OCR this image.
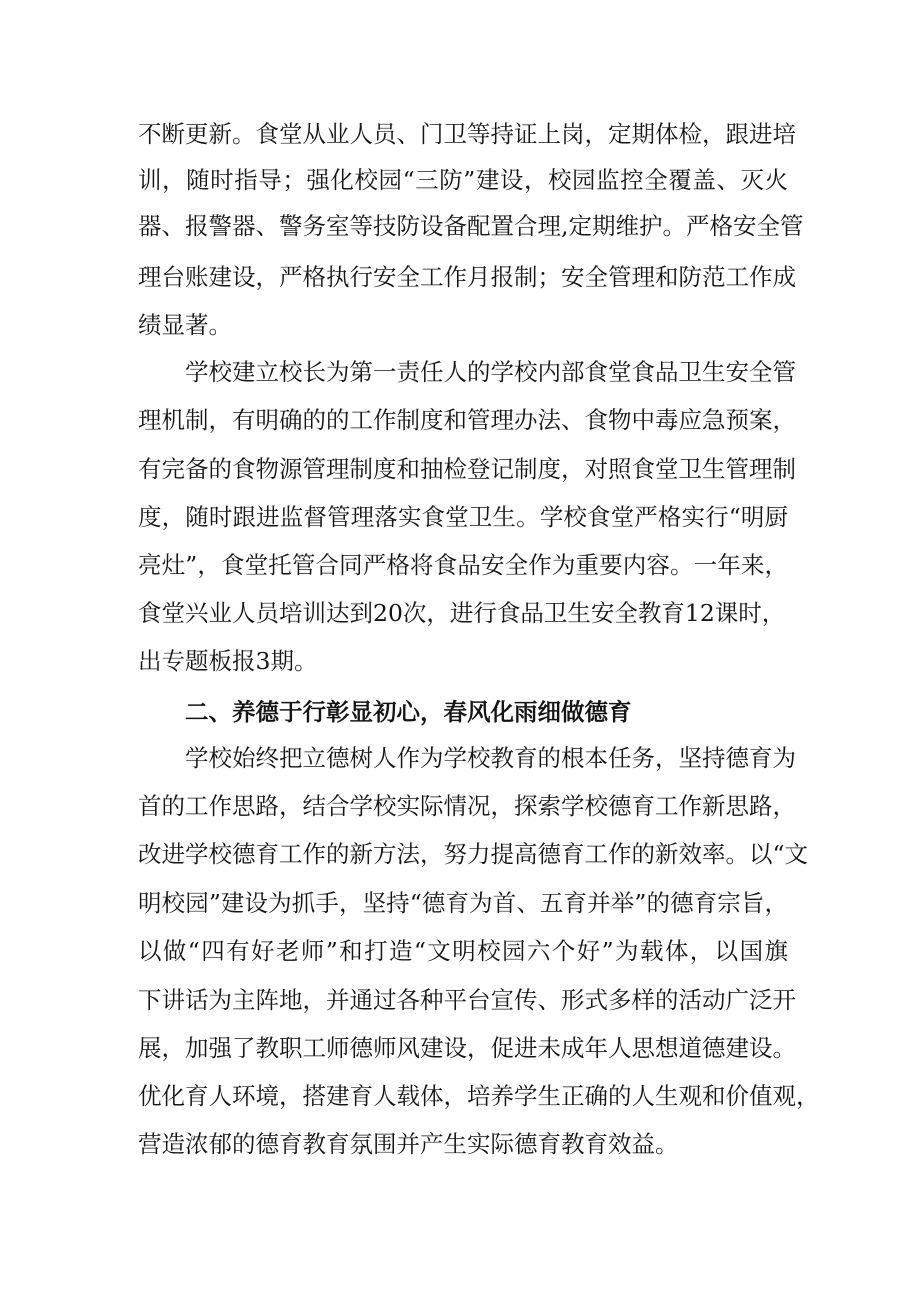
不断更新。食堂从业人员、门卫等持证上岗，定期体检，跟进培
训，随时指导；强化校园“三防”建设，校园监控全覆盖、灭火
器、报警器、警务室等技防设备配置合理,定期维护。严格安全管
理台账建设，严格执行安全工作月报制；安全管理和防范工作成
绩显著。
学校建立校长为第一责任人的学校内部食堂食品卫生安全管
理机制，有明确的的工作制度和管理办法、食物中毒应急预案，
有完备的食物源管理制度和抽检登记制度，对照食堂卫生管理制
度，随时跟进监督管理落实食堂卫生。学校食堂严格实行“明厨
亮灶”，食堂托管合同严格将食品安全作为重要内容。一年来，
食堂兴业人员培训达到20次，进行食品卫生安全教育12课时，
出专题板报3期。
二、养德于行彰显初心，春风化雨细做德育
学校始终把立德树人作为学校教育的根本任务，坚持德育为
首的工作思路，结合学校实际情况，探索学校德育工作新思路，
改进学校德育工作的新方法，努力提高德育工作的新效率。以“文
明校园”建设为抓手，坚持“德育为首、五育并举”的德育宗旨，
以做“四有好老师”和打造“文明校园六个好”为载体，以国旗
下讲话为主阵地，并通过各种平台宣传、形式多样的活动广泛开
展，加强了教职工师德师风建设，促进未成年人思想道德建设。
优化育人环境，搭建育人载体，培养学生正确的人生观和价值观，
营造浓郁的德育教育氛围并产生实际德育教育效益。
